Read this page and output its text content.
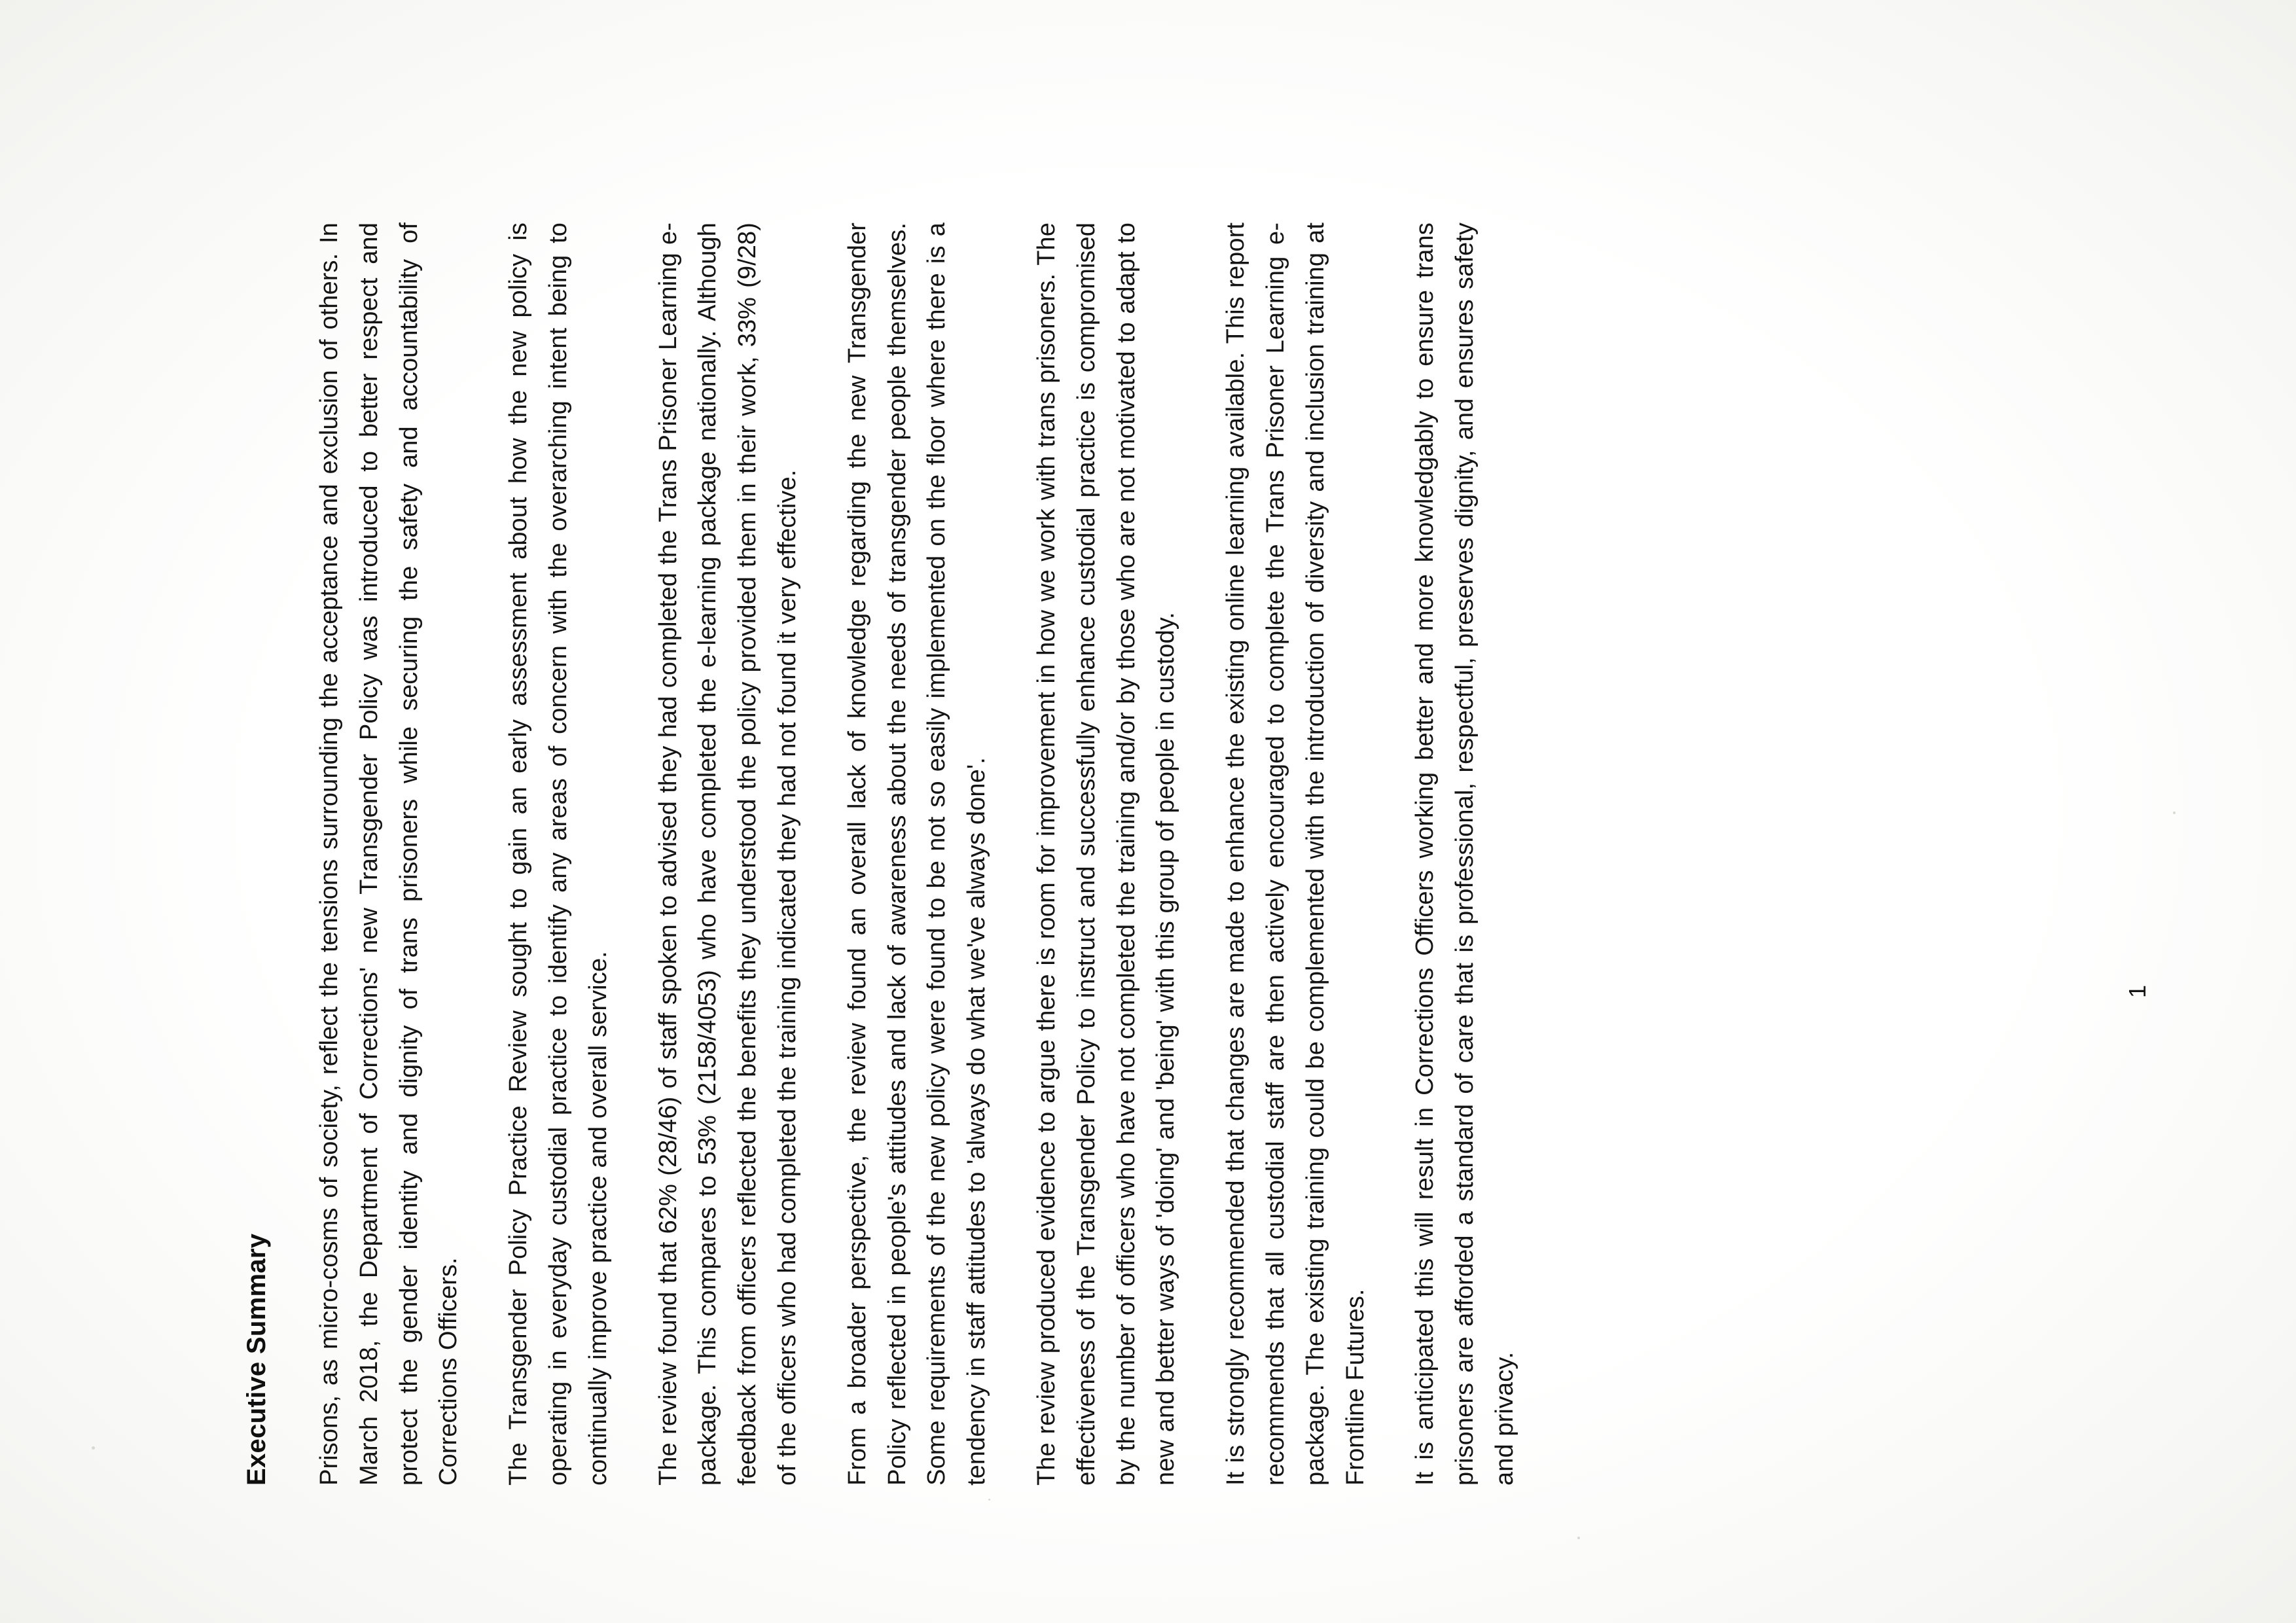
Executive Summary Prisons, as micro-cosms of society, reflect the tensions surrounding the acceptance and exclusion of others. In March 2018, the Department of Corrections' new Transgender Policy was introduced to better respect and protect the gender identity and dignity of trans prisoners while securing the safety and accountability of Corrections Officers. The Transgender Policy Practice Review sought to gain an early assessment about how the new policy is operating in everyday custodial practice to identify any areas of concern with the overarching intent being to continually improve practice and overall service. The review found that 62% (28/46) of staff spoken to advised they had completed the Trans Prisoner Learning e-package. This compares to 53% (2158/4053) who have completed the e-learning package nationally. Although feedback from officers reflected the benefits they understood the policy provided them in their work, 33% (9/28) of the officers who had completed the training indicated they had not found it very effective. From a broader perspective, the review found an overall lack of knowledge regarding the new Transgender Policy reflected in people's attitudes and lack of awareness about the needs of transgender people themselves. Some requirements of the new policy were found to be not so easily implemented on the floor where there is a tendency in staff attitudes to 'always do what we've always done'. The review produced evidence to argue there is room for improvement in how we work with trans prisoners. The effectiveness of the Transgender Policy to instruct and successfully enhance custodial practice is compromised by the number of officers who have not completed the training and/or by those who are not motivated to adapt to new and better ways of 'doing' and 'being' with this group of people in custody. It is strongly recommended that changes are made to enhance the existing online learning available. This report recommends that all custodial staff are then actively encouraged to complete the Trans Prisoner Learning e-package. The existing training could be complemented with the introduction of diversity and inclusion training at Frontline Futures. It is anticipated this will result in Corrections Officers working better and more knowledgably to ensure trans prisoners are afforded a standard of care that is professional, respectful, preserves dignity, and ensures safety and privacy.

1
